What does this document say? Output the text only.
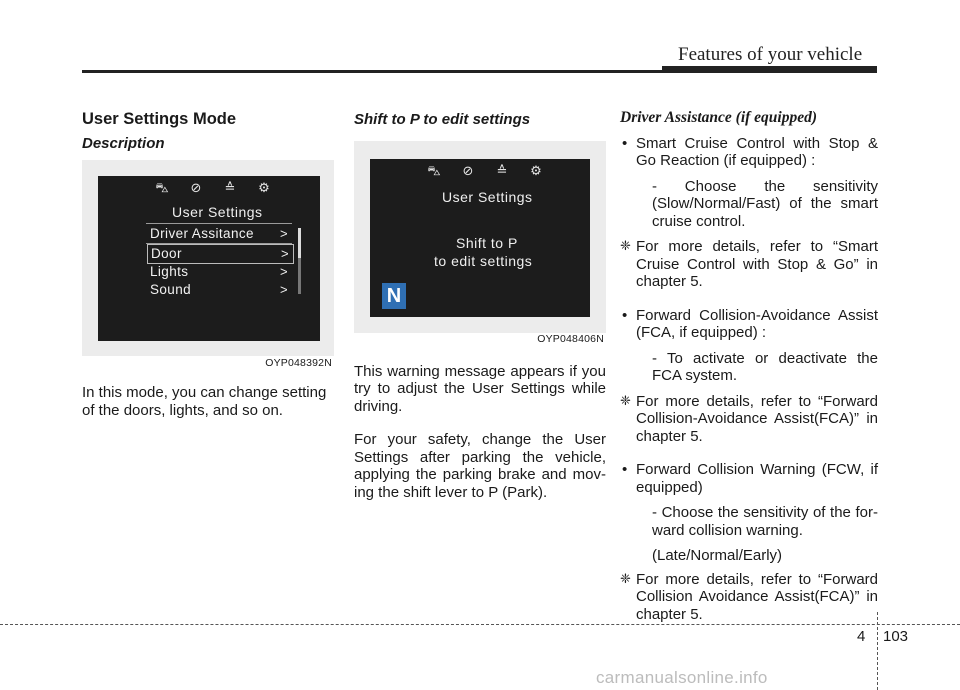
Features of your vehicle
User Settings Mode
Description
⛍ ⊘ ≙ ⚙
User Settings
Driver Assitance >
Door	>
Lights	>
Sound	>
OYP048392N

In this mode, you can change setting of the doors, lights, and so on.

Shift to P to edit settings
⛍ ⊘ ≙ ⚙
User Settings
Shift to P
to edit settings
N
OYP048406N

This warning message appears if you try to adjust the User Settings while driving.

For your safety, change the User Settings after parking the vehicle, applying the parking brake and mov- ing the shift lever to P (Park).

Driver Assistance (if equipped)
• Smart Cruise Control with Stop & Go Reaction (if equipped) :
- Choose the sensitivity (Slow/Normal/Fast) of the smart cruise control.
❈ For more details, refer to “Smart Cruise Control with Stop & Go” in chapter 5.
• Forward Collision-Avoidance Assist (FCA, if equipped) :
- To activate or deactivate the FCA system.
❈ For more details, refer to “Forward Collision-Avoidance Assist(FCA)” in chapter 5.
• Forward Collision Warning (FCW, if equipped)
- Choose the sensitivity of the for- ward collision warning.
(Late/Normal/Early)
❈ For more details, refer to “Forward Collision Avoidance Assist(FCA)” in chapter 5.
4 103
carmanualsonline.info
